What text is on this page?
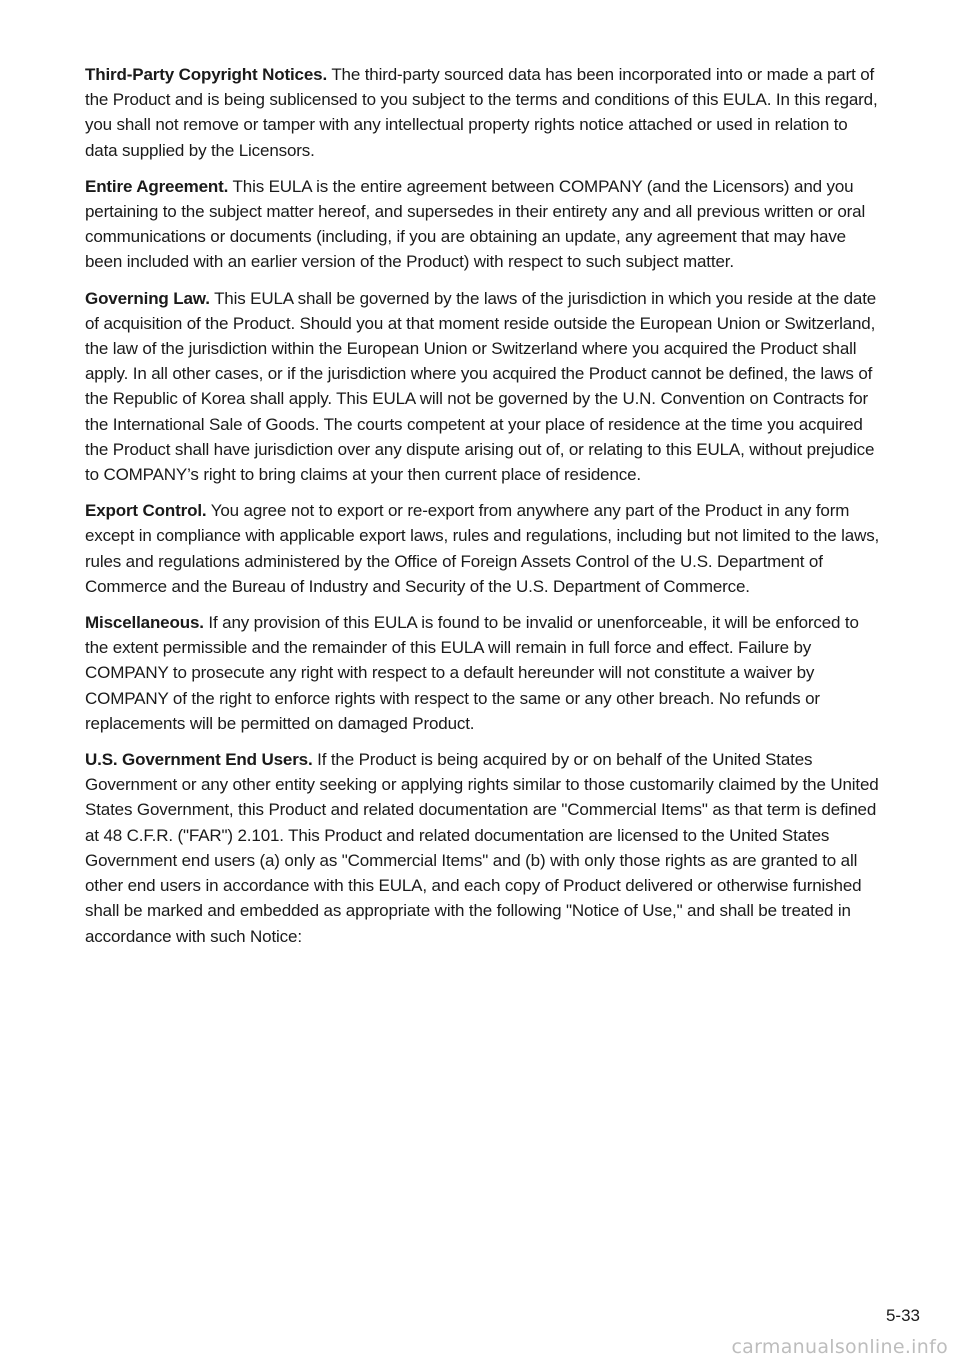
Third-Party Copyright Notices. The third-party sourced data has been incorporated into or made a part of the Product and is being sublicensed to you subject to the terms and conditions of this EULA. In this regard, you shall not remove or tamper with any intellectual property rights notice attached or used in relation to data supplied by the Licensors.

Entire Agreement. This EULA is the entire agreement between COMPANY (and the Licensors) and you pertaining to the subject matter hereof, and supersedes in their entirety any and all previous written or oral communications or documents (including, if you are obtaining an update, any agreement that may have been included with an earlier version of the Product) with respect to such subject matter.

Governing Law. This EULA shall be governed by the laws of the jurisdiction in which you reside at the date of acquisition of the Product. Should you at that moment reside outside the European Union or Switzerland, the law of the jurisdiction within the European Union or Switzerland where you acquired the Product shall apply. In all other cases, or if the jurisdiction where you acquired the Product cannot be defined, the laws of the Republic of Korea shall apply. This EULA will not be governed by the U.N. Convention on Contracts for the International Sale of Goods. The courts competent at your place of residence at the time you acquired the Product shall have jurisdiction over any dispute arising out of, or relating to this EULA, without prejudice to COMPANY’s right to bring claims at your then current place of residence.

Export Control. You agree not to export or re-export from anywhere any part of the Product in any form except in compliance with applicable export laws, rules and regulations, including but not limited to the laws, rules and regulations administered by the Office of Foreign Assets Control of the U.S. Department of Commerce and the Bureau of Industry and Security of the U.S. Department of Commerce.

Miscellaneous. If any provision of this EULA is found to be invalid or unenforceable, it will be enforced to the extent permissible and the remainder of this EULA will remain in full force and effect. Failure by COMPANY to prosecute any right with respect to a default hereunder will not constitute a waiver by COMPANY of the right to enforce rights with respect to the same or any other breach. No refunds or replacements will be permitted on damaged Product.

U.S. Government End Users. If the Product is being acquired by or on behalf of the United States Government or any other entity seeking or applying rights similar to those customarily claimed by the United States Government, this Product and related documentation are "Commercial Items" as that term is defined at 48 C.F.R. ("FAR") 2.101. This Product and related documentation are licensed to the United States Government end users (a) only as "Commercial Items" and (b) with only those rights as are granted to all other end users in accordance with this EULA, and each copy of Product delivered or otherwise furnished shall be marked and embedded as appropriate with the following "Notice of Use," and shall be treated in accordance with such Notice:

5-33
carmanualsonline.info
